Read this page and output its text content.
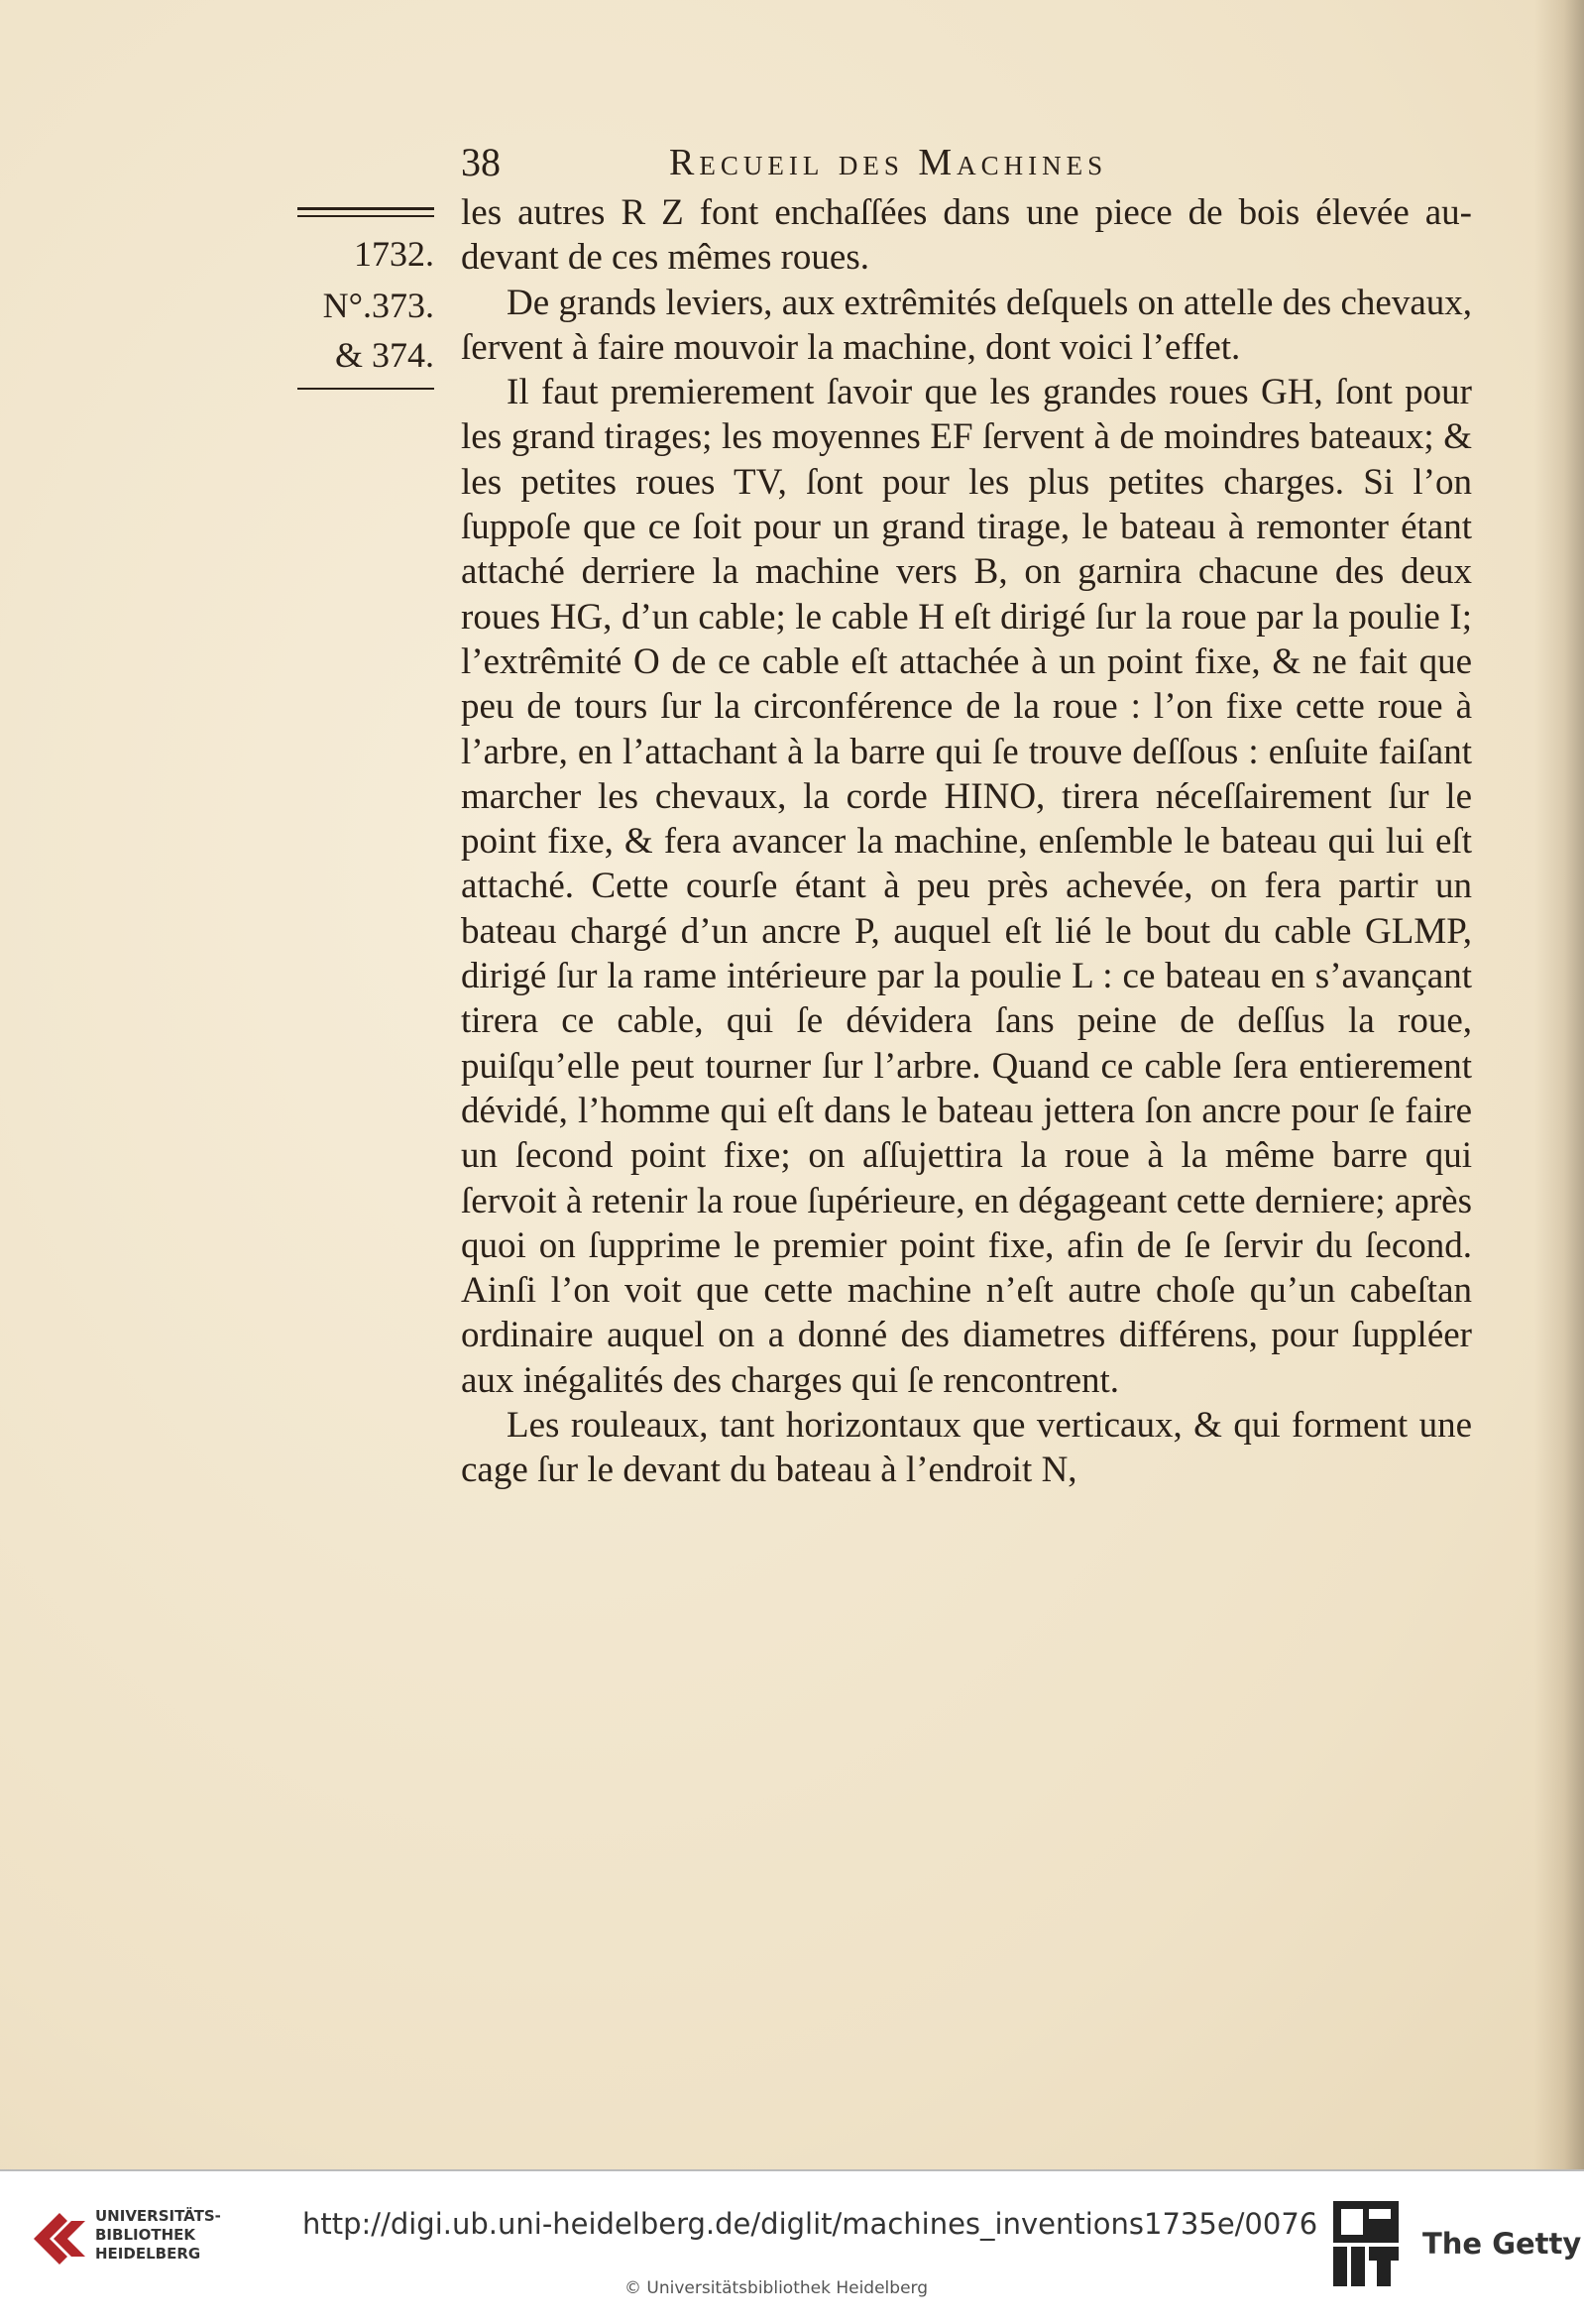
38	Recueil des Machines
1732.
N°.373.
& 374.

les autres R Z font enchaſſées dans une piece de bois élevée au-devant de ces mêmes roues.

De grands leviers, aux extrêmités deſquels on attelle des chevaux, ſervent à faire mouvoir la machine, dont voici l’effet.

Il faut premierement ſavoir que les grandes roues GH, ſont pour les grand tirages; les moyennes EF ſervent à de moindres bateaux; & les petites roues TV, ſont pour les plus petites charges. Si l’on ſuppoſe que ce ſoit pour un grand tirage, le bateau à remonter étant attaché derriere la machine vers B, on garnira chacune des deux roues HG, d’un cable; le cable H eſt dirigé ſur la roue par la poulie I; l’extrêmité O de ce cable eſt attachée à un point fixe, & ne fait que peu de tours ſur la circonférence de la roue : l’on fixe cette roue à l’arbre, en l’attachant à la barre qui ſe trouve deſſous : enſuite faiſant marcher les chevaux, la corde HINO, tirera néceſſairement ſur le point fixe, & fera avancer la machine, enſemble le bateau qui lui eſt attaché. Cette courſe étant à peu près achevée, on fera partir un bateau chargé d’un ancre P, auquel eſt lié le bout du cable GLMP, dirigé ſur la rame intérieure par la poulie L : ce bateau en s’avançant tirera ce cable, qui ſe dévidera ſans peine de deſſus la roue, puiſqu’elle peut tourner ſur l’arbre. Quand ce cable ſera entierement dévidé, l’homme qui eſt dans le bateau jettera ſon ancre pour ſe faire un ſecond point fixe; on aſſujettira la roue à la même barre qui ſervoit à retenir la roue ſupérieure, en dégageant cette derniere; après quoi on ſupprime le premier point fixe, afin de ſe ſervir du ſecond. Ainſi l’on voit que cette machine n’eſt autre choſe qu’un cabeſtan ordinaire auquel on a donné des diametres différens, pour ſuppléer aux inégalités des charges qui ſe rencontrent.

Les rouleaux, tant horizontaux que verticaux, & qui forment une cage ſur le devant du bateau à l’endroit N,

UNIVERSITÄTS-
BIBLIOTHEK
HEIDELBERG
http://digi.ub.uni-heidelberg.de/diglit/machines_inventions1735e/0076
© Universitätsbibliothek Heidelberg
The Getty
